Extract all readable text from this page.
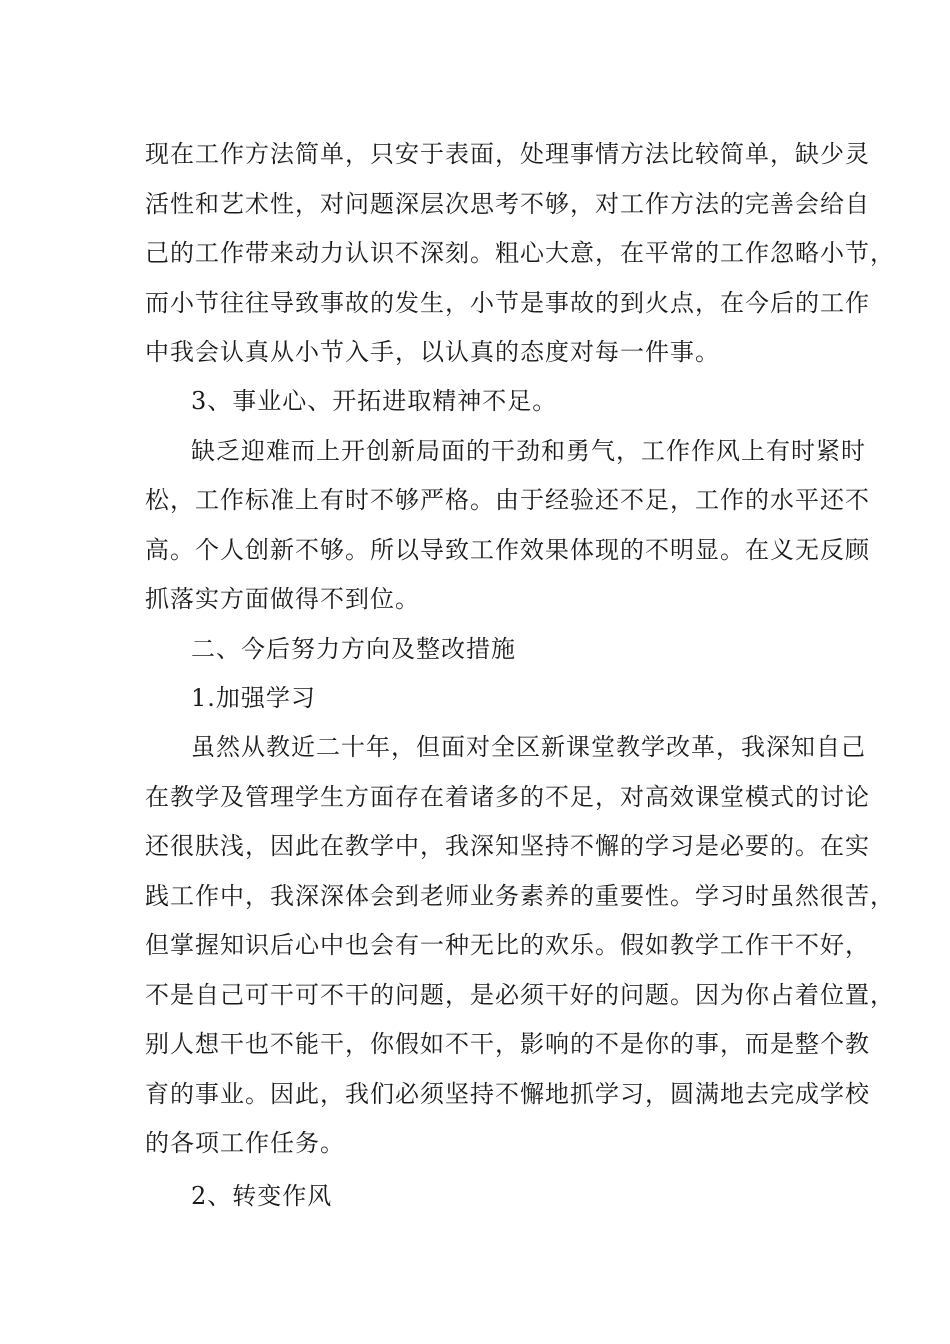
现在工作方法简单，只安于表面，处理事情方法比较简单，缺少灵
活性和艺术性，对问题深层次思考不够，对工作方法的完善会给自
己的工作带来动力认识不深刻。粗心大意，在平常的工作忽略小节，
而小节往往导致事故的发生，小节是事故的到火点，在今后的工作
中我会认真从小节入手，以认真的态度对每一件事。
3、事业心、开拓进取精神不足。
缺乏迎难而上开创新局面的干劲和勇气，工作作风上有时紧时
松，工作标准上有时不够严格。由于经验还不足，工作的水平还不
高。个人创新不够。所以导致工作效果体现的不明显。在义无反顾
抓落实方面做得不到位。
二、今后努力方向及整改措施
1.加强学习
虽然从教近二十年，但面对全区新课堂教学改革，我深知自己
在教学及管理学生方面存在着诸多的不足，对高效课堂模式的讨论
还很肤浅，因此在教学中，我深知坚持不懈的学习是必要的。在实
践工作中，我深深体会到老师业务素养的重要性。学习时虽然很苦，
但掌握知识后心中也会有一种无比的欢乐。假如教学工作干不好，
不是自己可干可不干的问题，是必须干好的问题。因为你占着位置，
别人想干也不能干，你假如不干，影响的不是你的事，而是整个教
育的事业。因此，我们必须坚持不懈地抓学习，圆满地去完成学校
的各项工作任务。
2、转变作风
